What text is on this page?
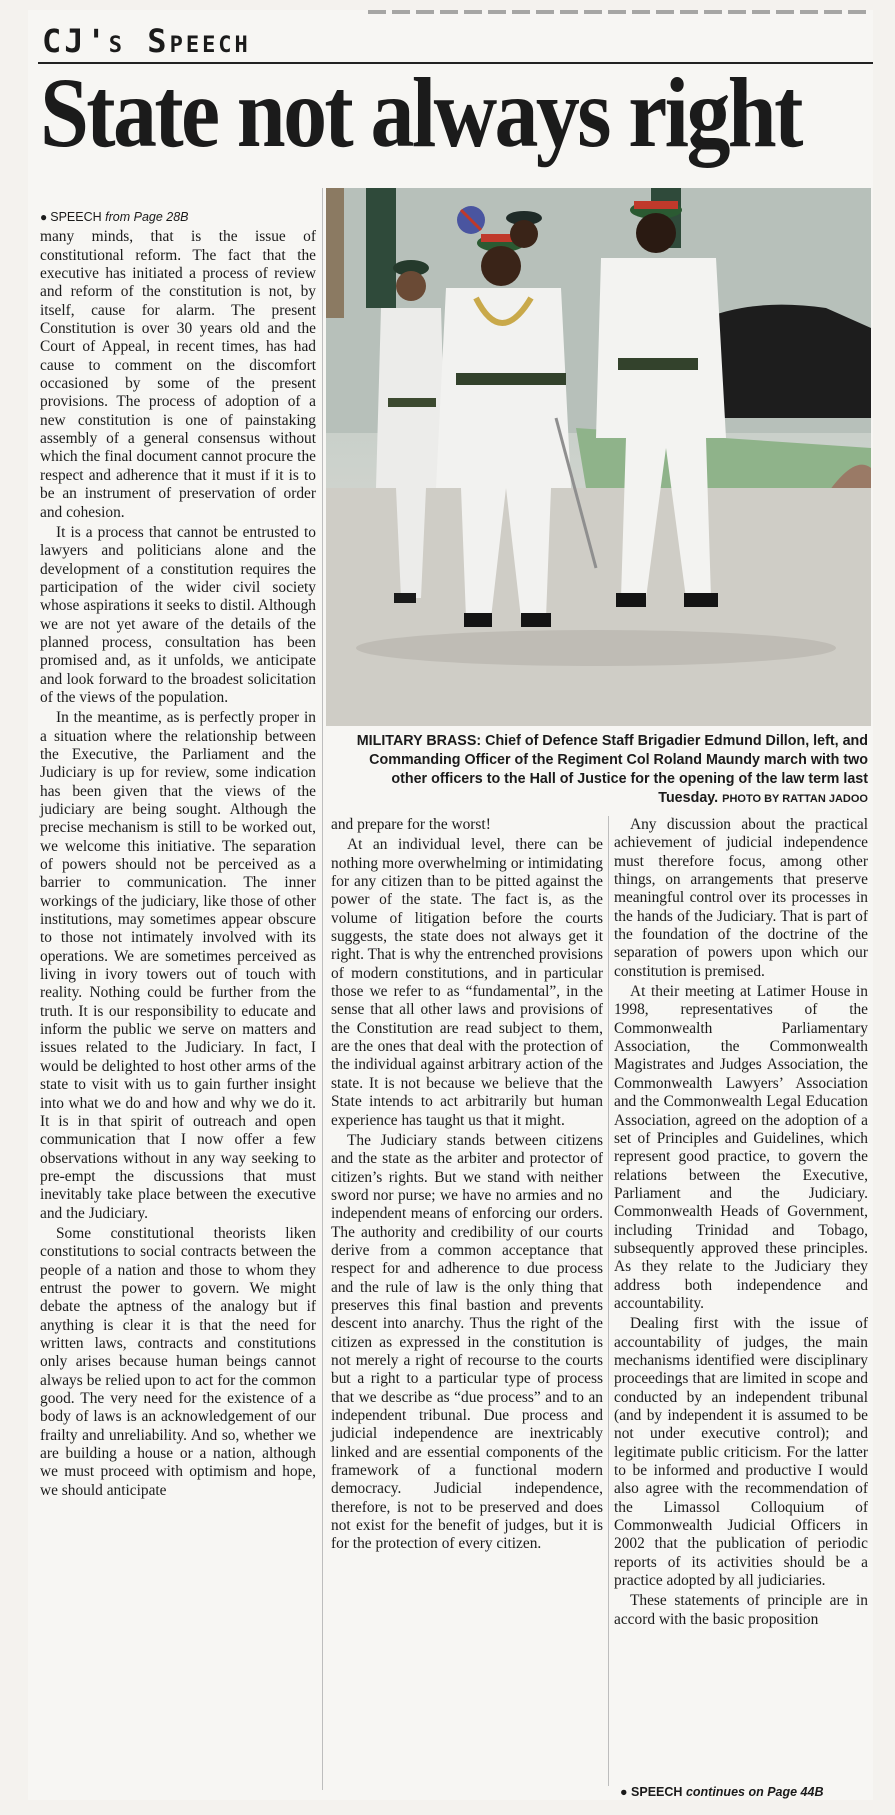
CJ's Speech
State not always right
● SPEECH from Page 28B

many minds, that is the issue of constitutional reform. The fact that the executive has initiated a process of review and reform of the constitution is not, by itself, cause for alarm. The present Constitution is over 30 years old and the Court of Appeal, in recent times, has had cause to comment on the discomfort occasioned by some of the present provisions. The process of adoption of a new constitution is one of painstaking assembly of a general consensus without which the final document cannot procure the respect and adherence that it must if it is to be an instrument of preservation of order and cohesion.

It is a process that cannot be entrusted to lawyers and politicians alone and the development of a constitution requires the participation of the wider civil society whose aspirations it seeks to distil. Although we are not yet aware of the details of the planned process, consultation has been promised and, as it unfolds, we anticipate and look forward to the broadest solicitation of the views of the population.

In the meantime, as is perfectly proper in a situation where the relationship between the Executive, the Parliament and the Judiciary is up for review, some indication has been given that the views of the judiciary are being sought. Although the precise mechanism is still to be worked out, we welcome this initiative. The separation of powers should not be perceived as a barrier to communication. The inner workings of the judiciary, like those of other institutions, may sometimes appear obscure to those not intimately involved with its operations. We are sometimes perceived as living in ivory towers out of touch with reality. Nothing could be further from the truth. It is our responsibility to educate and inform the public we serve on matters and issues related to the Judiciary. In fact, I would be delighted to host other arms of the state to visit with us to gain further insight into what we do and how and why we do it. It is in that spirit of outreach and open communication that I now offer a few observations without in any way seeking to pre-empt the discussions that must inevitably take place between the executive and the Judiciary.

Some constitutional theorists liken constitutions to social contracts between the people of a nation and those to whom they entrust the power to govern. We might debate the aptness of the analogy but if anything is clear it is that the need for written laws, contracts and constitutions only arises because human beings cannot always be relied upon to act for the common good. The very need for the existence of a body of laws is an acknowledgement of our frailty and unreliability. And so, whether we are building a house or a nation, although we must proceed with optimism and hope, we should anticipate

MILITARY BRASS: Chief of Defence Staff Brigadier Edmund Dillon, left, and Commanding Officer of the Regiment Col Roland Maundy march with two other officers to the Hall of Justice for the opening of the law term last Tuesday. PHOTO BY RATTAN JADOO

and prepare for the worst!

At an individual level, there can be nothing more overwhelming or intimidating for any citizen than to be pitted against the power of the state. The fact is, as the volume of litigation before the courts suggests, the state does not always get it right. That is why the entrenched provisions of modern constitutions, and in particular those we refer to as “fundamental”, in the sense that all other laws and provisions of the Constitution are read subject to them, are the ones that deal with the protection of the individual against arbitrary action of the state. It is not because we believe that the State intends to act arbitrarily but human experience has taught us that it might.

The Judiciary stands between citizens and the state as the arbiter and protector of citizen’s rights. But we stand with neither sword nor purse; we have no armies and no independent means of enforcing our orders. The authority and credibility of our courts derive from a common acceptance that respect for and adherence to due process and the rule of law is the only thing that preserves this final bastion and prevents descent into anarchy. Thus the right of the citizen as expressed in the constitution is not merely a right of recourse to the courts but a right to a particular type of process that we describe as “due process” and to an independent tribunal. Due process and judicial independence are inextricably linked and are essential components of the framework of a functional modern democracy. Judicial independence, therefore, is not to be preserved and does not exist for the benefit of judges, but it is for the protection of every citizen.

Any discussion about the practical achievement of judicial independence must therefore focus, among other things, on arrangements that preserve meaningful control over its processes in the hands of the Judiciary. That is part of the foundation of the doctrine of the separation of powers upon which our constitution is premised.

At their meeting at Latimer House in 1998, representatives of the Commonwealth Parliamentary Association, the Commonwealth Magistrates and Judges Association, the Commonwealth Lawyers’ Association and the Commonwealth Legal Education Association, agreed on the adoption of a set of Principles and Guidelines, which represent good practice, to govern the relations between the Executive, Parliament and the Judiciary. Commonwealth Heads of Government, including Trinidad and Tobago, subsequently approved these principles. As they relate to the Judiciary they address both independence and accountability.

Dealing first with the issue of accountability of judges, the main mechanisms identified were disciplinary proceedings that are limited in scope and conducted by an independent tribunal (and by independent it is assumed to be not under executive control); and legitimate public criticism. For the latter to be informed and productive I would also agree with the recommendation of the Limassol Colloquium of Commonwealth Judicial Officers in 2002 that the publication of periodic reports of its activities should be a practice adopted by all judiciaries.

These statements of principle are in accord with the basic proposition

● SPEECH continues on Page 44B
